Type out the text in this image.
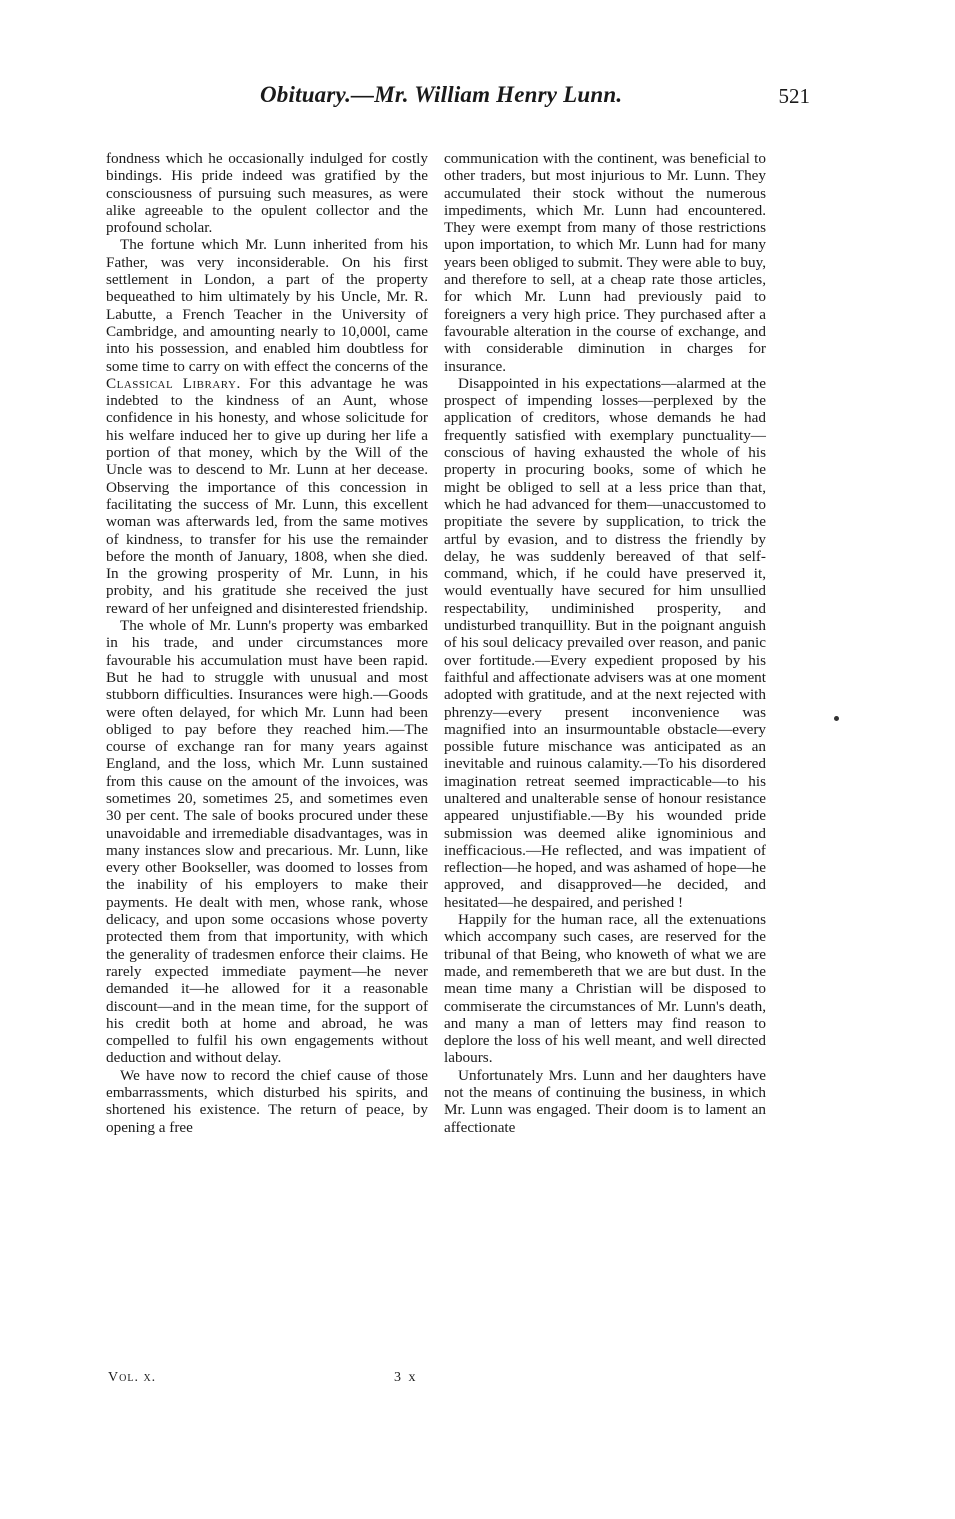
Obituary.—Mr. William Henry Lunn.	521

fondness which he occasionally indulged for costly bindings. His pride indeed was gratified by the consciousness of pursuing such measures, as were alike agreeable to the opulent collector and the profound scholar.

The fortune which Mr. Lunn inherited from his Father, was very inconsiderable. On his first settlement in London, a part of the property bequeathed to him ultimately by his Uncle, Mr. R. Labutte, a French Teacher in the University of Cambridge, and amounting nearly to 10,000l, came into his possession, and enabled him doubtless for some time to carry on with effect the concerns of the Classical Library. For this advantage he was indebted to the kindness of an Aunt, whose confidence in his honesty, and whose solicitude for his welfare induced her to give up during her life a portion of that money, which by the Will of the Uncle was to descend to Mr. Lunn at her decease. Observing the importance of this concession in facilitating the success of Mr. Lunn, this excellent woman was afterwards led, from the same motives of kindness, to transfer for his use the remainder before the month of January, 1808, when she died. In the growing prosperity of Mr. Lunn, in his probity, and his gratitude she received the just reward of her unfeigned and disinterested friendship.

The whole of Mr. Lunn's property was embarked in his trade, and under circumstances more favourable his accumulation must have been rapid. But he had to struggle with unusual and most stubborn difficulties. Insurances were high.—Goods were often delayed, for which Mr. Lunn had been obliged to pay before they reached him.—The course of exchange ran for many years against England, and the loss, which Mr. Lunn sustained from this cause on the amount of the invoices, was sometimes 20, sometimes 25, and sometimes even 30 per cent. The sale of books procured under these unavoidable and irremediable disadvantages, was in many instances slow and precarious. Mr. Lunn, like every other Bookseller, was doomed to losses from the inability of his employers to make their payments. He dealt with men, whose rank, whose delicacy, and upon some occasions whose poverty protected them from that importunity, with which the generality of tradesmen enforce their claims. He rarely expected immediate payment—he never demanded it—he allowed for it a reasonable discount—and in the mean time, for the support of his credit both at home and abroad, he was compelled to fulfil his own engagements without deduction and without delay.

We have now to record the chief cause of those embarrassments, which disturbed his spirits, and shortened his existence. The return of peace, by opening a free

communication with the continent, was beneficial to other traders, but most injurious to Mr. Lunn. They accumulated their stock without the numerous impediments, which Mr. Lunn had encountered. They were exempt from many of those restrictions upon importation, to which Mr. Lunn had for many years been obliged to submit. They were able to buy, and therefore to sell, at a cheap rate those articles, for which Mr. Lunn had previously paid to foreigners a very high price. They purchased after a favourable alteration in the course of exchange, and with considerable diminution in charges for insurance.

Disappointed in his expectations—alarmed at the prospect of impending losses—perplexed by the application of creditors, whose demands he had frequently satisfied with exemplary punctuality—conscious of having exhausted the whole of his property in procuring books, some of which he might be obliged to sell at a less price than that, which he had advanced for them—unaccustomed to propitiate the severe by supplication, to trick the artful by evasion, and to distress the friendly by delay, he was suddenly bereaved of that self-command, which, if he could have preserved it, would eventually have secured for him unsullied respectability, undiminished prosperity, and undisturbed tranquillity. But in the poignant anguish of his soul delicacy prevailed over reason, and panic over fortitude.—Every expedient proposed by his faithful and affectionate advisers was at one moment adopted with gratitude, and at the next rejected with phrenzy—every present inconvenience was magnified into an insurmountable obstacle—every possible future mischance was anticipated as an inevitable and ruinous calamity.—To his disordered imagination retreat seemed impracticable—to his unaltered and unalterable sense of honour resistance appeared unjustifiable.—By his wounded pride submission was deemed alike ignominious and inefficacious.—He reflected, and was impatient of reflection—he hoped, and was ashamed of hope—he approved, and disapproved—he decided, and hesitated—he despaired, and perished !

Happily for the human race, all the extenuations which accompany such cases, are reserved for the tribunal of that Being, who knoweth of what we are made, and remembereth that we are but dust. In the mean time many a Christian will be disposed to commiserate the circumstances of Mr. Lunn's death, and many a man of letters may find reason to deplore the loss of his well meant, and well directed labours.

Unfortunately Mrs. Lunn and her daughters have not the means of continuing the business, in which Mr. Lunn was engaged. Their doom is to lament an affectionate

Vol. x.	3 x
